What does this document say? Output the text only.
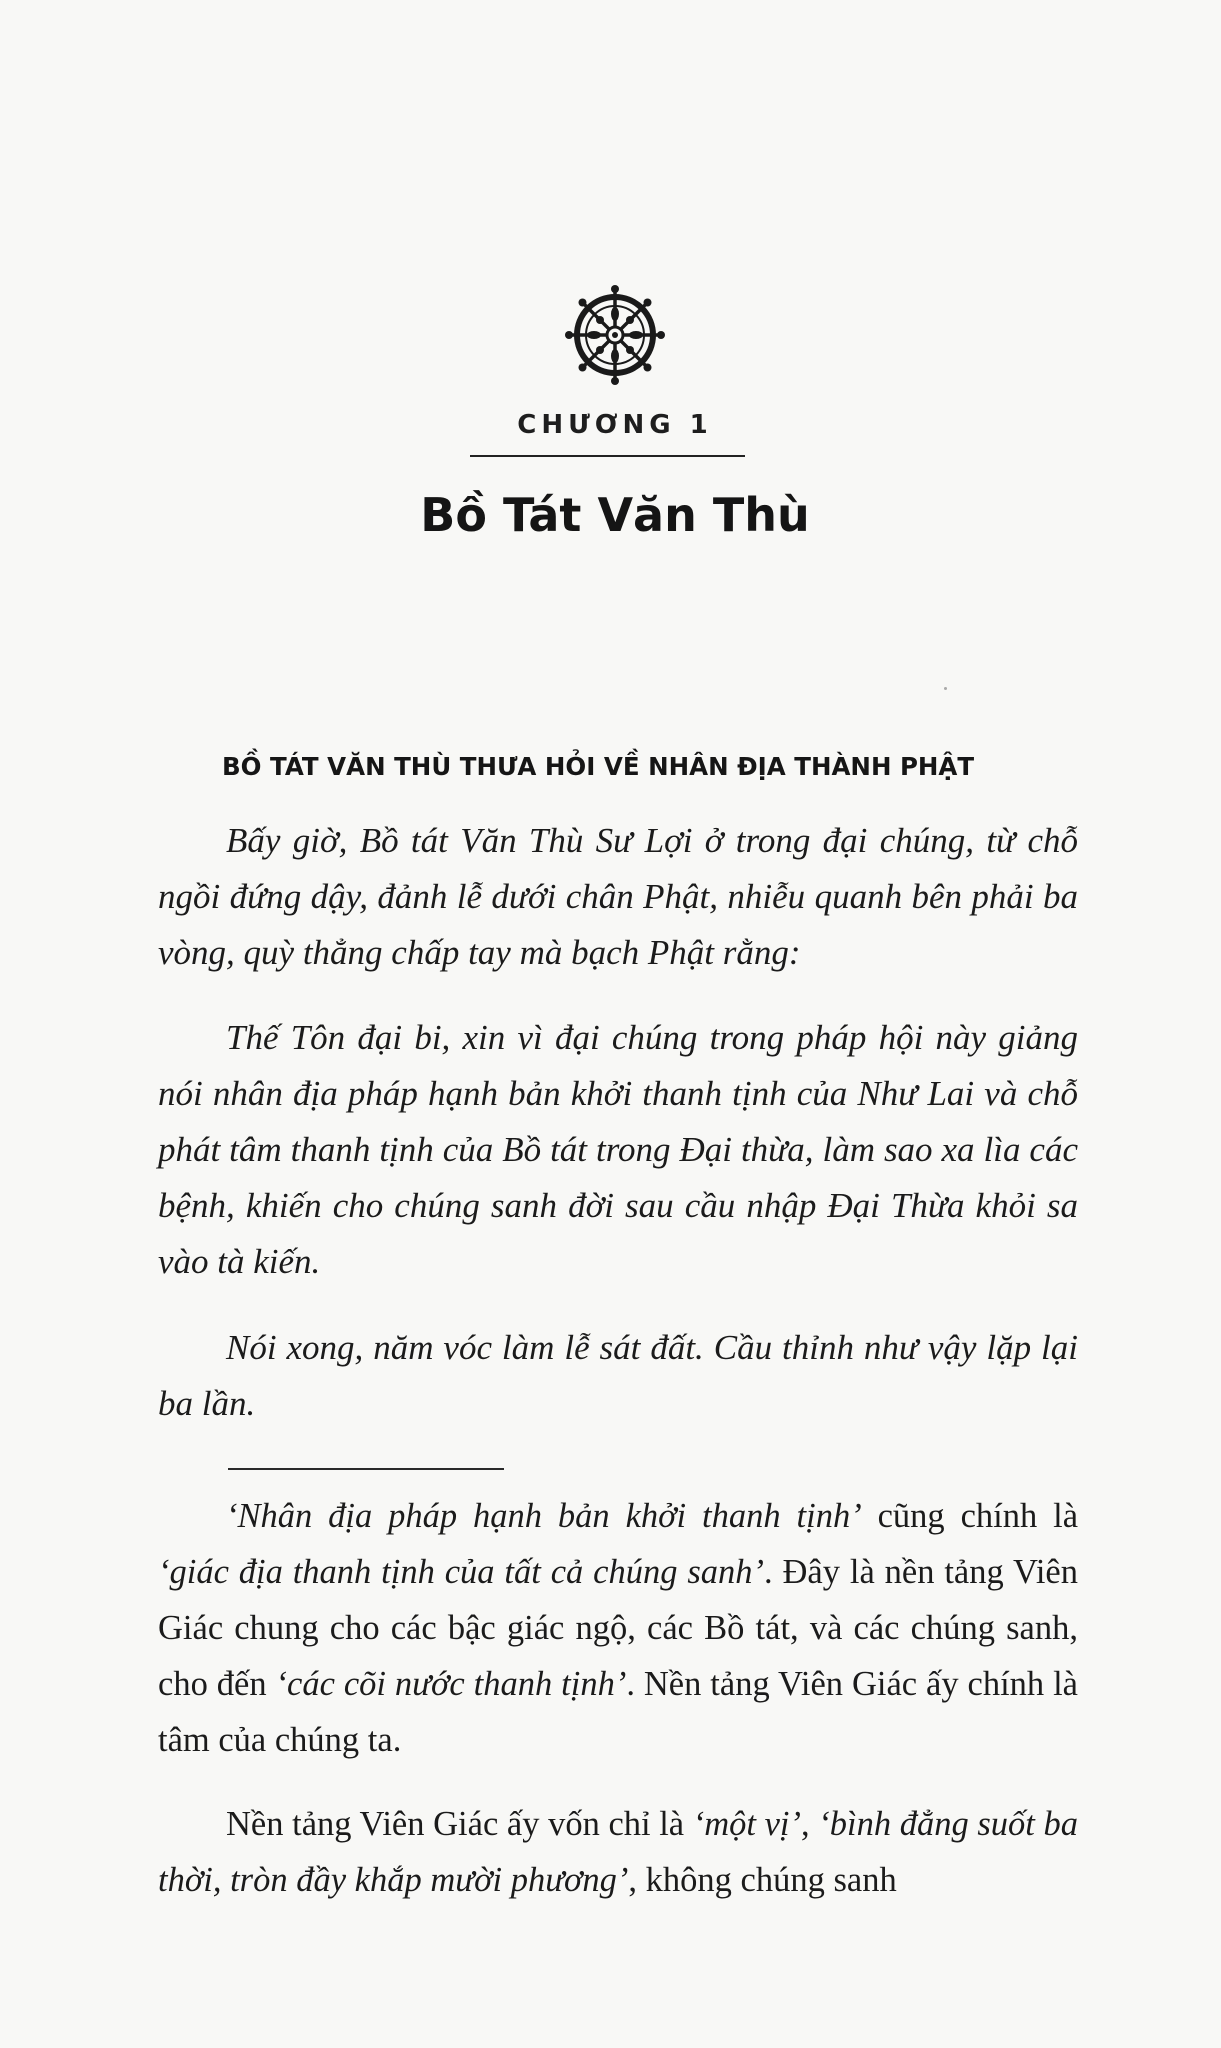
CHƯƠNG 1
Bồ Tát Văn Thù
BỒ TÁT VĂN THÙ THƯA HỎI VỀ NHÂN ĐỊA THÀNH PHẬT

Bấy giờ, Bồ tát Văn Thù Sư Lợi ở trong đại chúng, từ chỗ ngồi đứng dậy, đảnh lễ dưới chân Phật, nhiễu quanh bên phải ba vòng, quỳ thẳng chấp tay mà bạch Phật rằng:

Thế Tôn đại bi, xin vì đại chúng trong pháp hội này giảng nói nhân địa pháp hạnh bản khởi thanh tịnh của Như Lai và chỗ phát tâm thanh tịnh của Bồ tát trong Đại thừa, làm sao xa lìa các bệnh, khiến cho chúng sanh đời sau cầu nhập Đại Thừa khỏi sa vào tà kiến.

Nói xong, năm vóc làm lễ sát đất. Cầu thỉnh như vậy lặp lại ba lần.

‘Nhân địa pháp hạnh bản khởi thanh tịnh’ cũng chính là ‘giác địa thanh tịnh của tất cả chúng sanh’. Đây là nền tảng Viên Giác chung cho các bậc giác ngộ, các Bồ tát, và các chúng sanh, cho đến ‘các cõi nước thanh tịnh’. Nền tảng Viên Giác ấy chính là tâm của chúng ta.

Nền tảng Viên Giác ấy vốn chỉ là ‘một vị’, ‘bình đẳng suốt ba thời, tròn đầy khắp mười phương’, không chúng sanh
